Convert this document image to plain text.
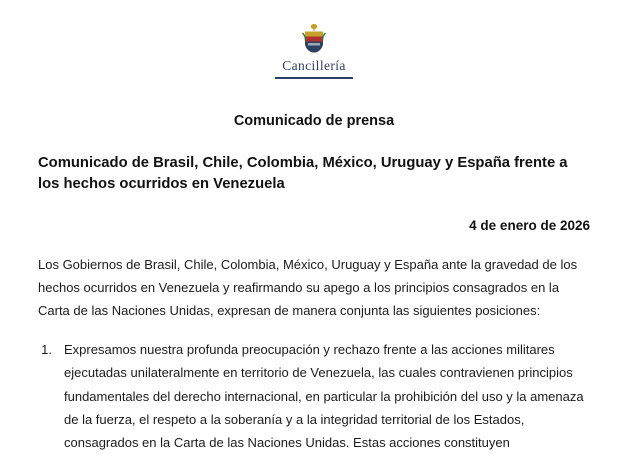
Cancillería
Comunicado de prensa
Comunicado de Brasil, Chile, Colombia, México, Uruguay y España frente a los hechos ocurridos en Venezuela
4 de enero de 2026

Los Gobiernos de Brasil, Chile, Colombia, México, Uruguay y España ante la gravedad de los hechos ocurridos en Venezuela y reafirmando su apego a los principios consagrados en la Carta de las Naciones Unidas, expresan de manera conjunta las siguientes posiciones:

1. Expresamos nuestra profunda preocupación y rechazo frente a las acciones militares ejecutadas unilateralmente en territorio de Venezuela, las cuales contravienen principios fundamentales del derecho internacional, en particular la prohibición del uso y la amenaza de la fuerza, el respeto a la soberanía y a la integridad territorial de los Estados, consagrados en la Carta de las Naciones Unidas. Estas acciones constituyen
